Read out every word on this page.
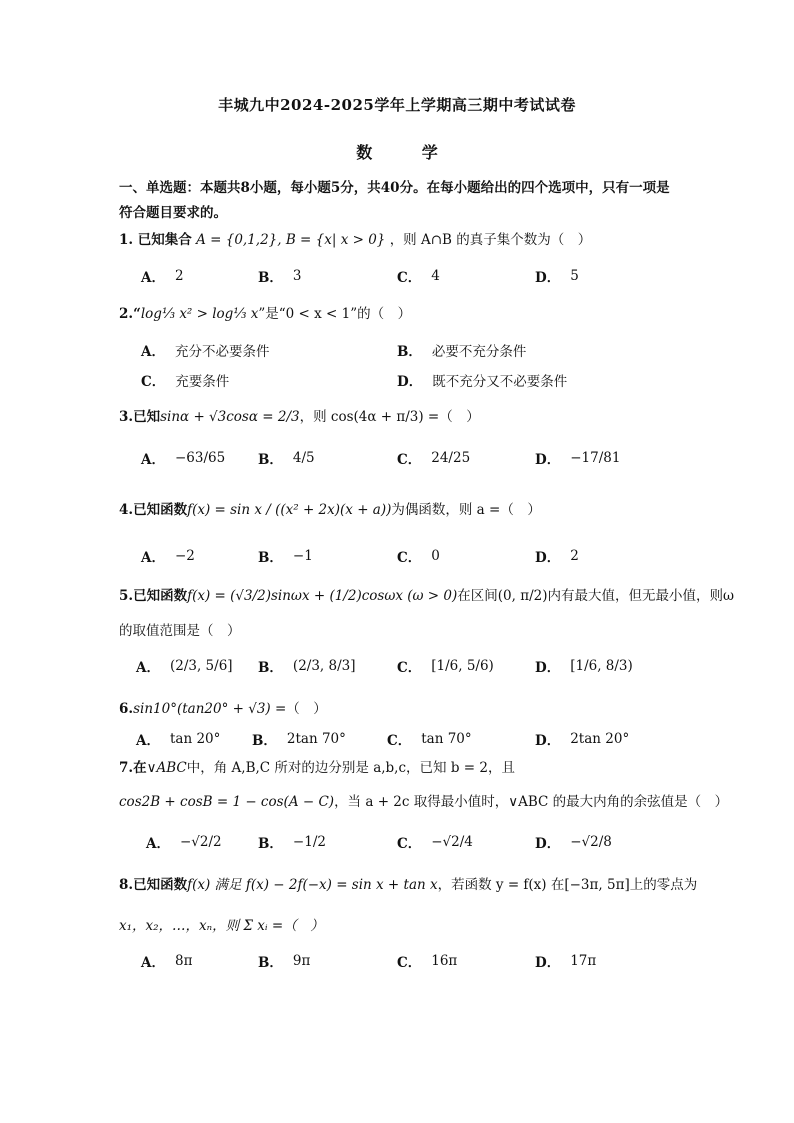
丰城九中2024-2025学年上学期高三期中考试试卷
数 学
一、单选题：本题共8小题，每小题5分，共40分。在每小题给出的四个选项中，只有一项是符合题目要求的。
1. 已知集合 A = {0,1,2}, B = {x| x > 0} ，则 A∩B 的真子集个数为（　）
A． 2	B． 3	C． 4	D． 5
2.“log⅓ x² > log⅓ x”是“0 < x < 1”的（　）
A． 充分不必要条件	B． 必要不充分条件
C． 充要条件	D． 既不充分又不必要条件
3.已知sinα + √3cosα = 2/3，则 cos(4α + π/3) =（　）
A． −63/65 B． 4/5	C． 24/25	D． −17/81
4.已知函数f(x) = sin x / ((x² + 2x)(x + a))为偶函数，则 a =（　）
A． −2	B． −1	C． 0	D． 2
5.已知函数f(x) = (√3/2)sinωx + (1/2)cosωx (ω > 0)在区间(0, π/2)内有最大值，但无最小值，则ω
的取值范围是（　）
A． (2/3, 5/6] B． (2/3, 8/3]	C． [1/6, 5/6)	D． [1/6, 8/3)
6.sin10°(tan20° + √3) =（　）
A． tan 20° B． 2tan 70°	C． tan 70°	D． 2tan 20°
7.在∨ABC中，角 A,B,C 所对的边分别是 a,b,c，已知 b = 2，且
cos2B + cosB = 1 − cos(A − C)，当 a + 2c 取得最小值时，∨ABC 的最大内角的余弦值是（　）
A． −√2/2	B． −1/2	C． −√2/4	D． −√2/8
8.已知函数f(x) 满足 f(x) − 2f(−x) = sin x + tan x，若函数 y = f(x) 在[−3π, 5π]上的零点为
x₁，x₂，…，xₙ，则 Σ xᵢ =（　）
A． 8π	B． 9π	C． 16π	D． 17π
